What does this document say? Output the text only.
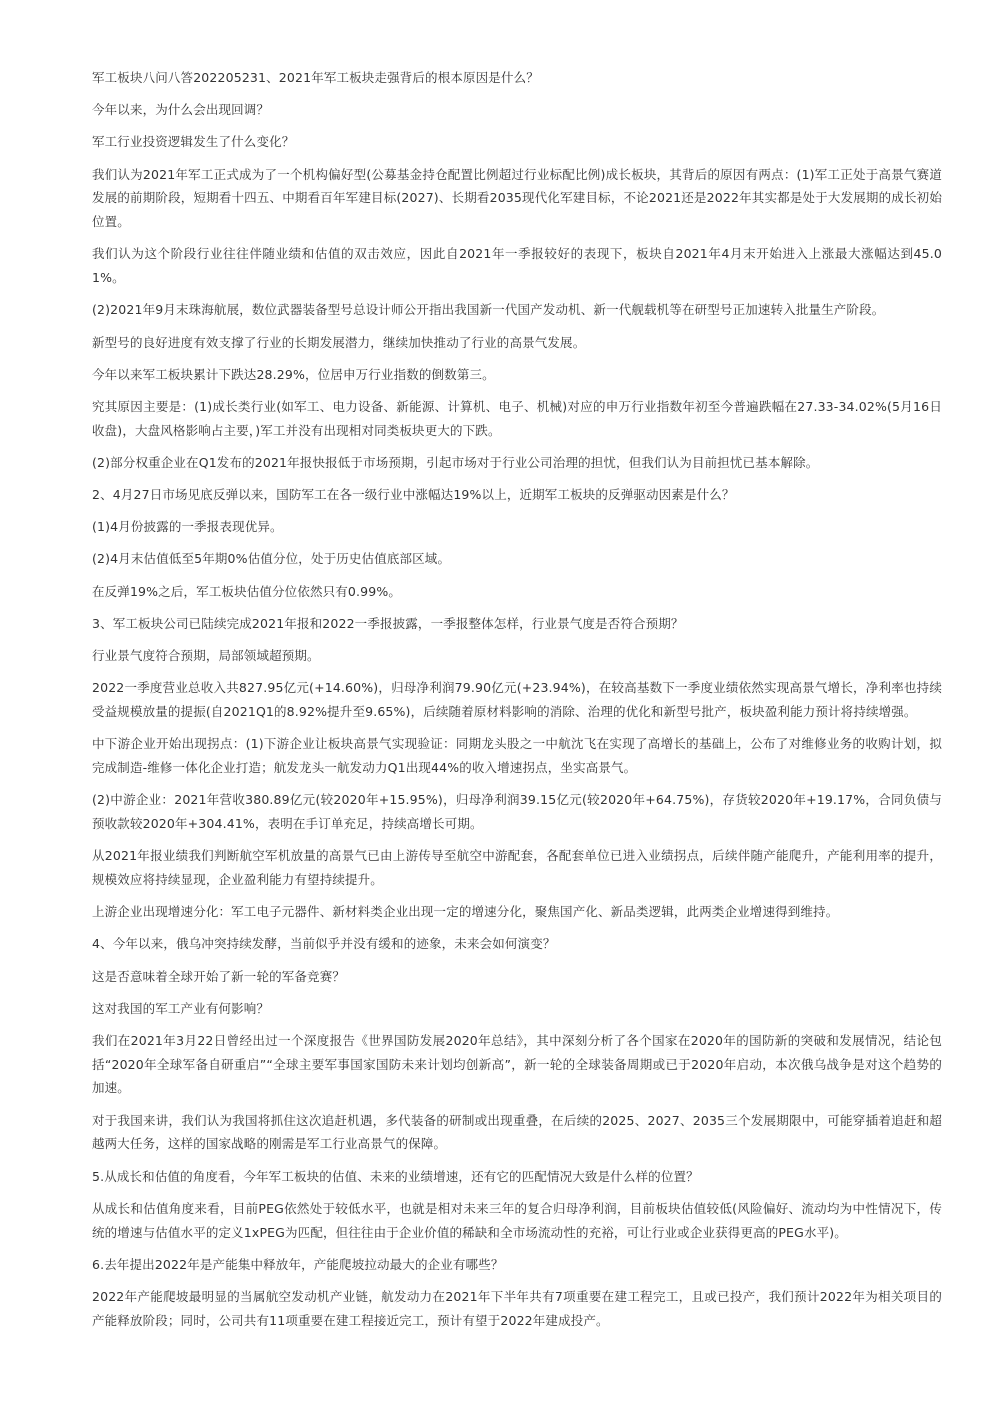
军工板块八问八答202205231、2021年军工板块走强背后的根本原因是什么？

今年以来，为什么会出现回调？

军工行业投资逻辑发生了什么变化？

我们认为2021年军工正式成为了一个机构偏好型(公募基金持仓配置比例超过行业标配比例)成长板块，其背后的原因有两点：(1)军工正处于高景气赛道发展的前期阶段，短期看十四五、中期看百年军建目标(2027)、长期看2035现代化军建目标，不论2021还是2022年其实都是处于大发展期的成长初始位置。

我们认为这个阶段行业往往伴随业绩和估值的双击效应，因此自2021年一季报较好的表现下，板块自2021年4月末开始进入上涨最大涨幅达到45.01%。

(2)2021年9月末珠海航展，数位武器装备型号总设计师公开指出我国新一代国产发动机、新一代舰载机等在研型号正加速转入批量生产阶段。

新型号的良好进度有效支撑了行业的长期发展潜力，继续加快推动了行业的高景气发展。

今年以来军工板块累计下跌达28.29%，位居申万行业指数的倒数第三。

究其原因主要是：(1)成长类行业(如军工、电力设备、新能源、计算机、电子、机械)对应的申万行业指数年初至今普遍跌幅在27.33-34.02%(5月16日收盘)，大盘风格影响占主要，)军工并没有出现相对同类板块更大的下跌。

(2)部分权重企业在Q1发布的2021年报快报低于市场预期，引起市场对于行业公司治理的担忧，但我们认为目前担忧已基本解除。

2、4月27日市场见底反弹以来，国防军工在各一级行业中涨幅达19%以上，近期军工板块的反弹驱动因素是什么？

(1)4月份披露的一季报表现优异。

(2)4月末估值低至5年期0%估值分位，处于历史估值底部区域。

在反弹19%之后，军工板块估值分位依然只有0.99%。

3、军工板块公司已陆续完成2021年报和2022一季报披露，一季报整体怎样，行业景气度是否符合预期？

行业景气度符合预期，局部领域超预期。

2022一季度营业总收入共827.95亿元(+14.60%)，归母净利润79.90亿元(+23.94%)，在较高基数下一季度业绩依然实现高景气增长，净利率也持续受益规模放量的提振(自2021Q1的8.92%提升至9.65%)，后续随着原材料影响的消除、治理的优化和新型号批产，板块盈利能力预计将持续增强。

中下游企业开始出现拐点：(1)下游企业让板块高景气实现验证：同期龙头股之一中航沈飞在实现了高增长的基础上，公布了对维修业务的收购计划，拟完成制造-维修一体化企业打造；航发龙头一航发动力Q1出现44%的收入增速拐点，坐实高景气。

(2)中游企业：2021年营收380.89亿元(较2020年+15.95%)，归母净利润39.15亿元(较2020年+64.75%)，存货较2020年+19.17%，合同负债与预收款较2020年+304.41%，表明在手订单充足，持续高增长可期。

从2021年报业绩我们判断航空军机放量的高景气已由上游传导至航空中游配套，各配套单位已进入业绩拐点，后续伴随产能爬升，产能利用率的提升，规模效应将持续显现，企业盈利能力有望持续提升。

上游企业出现增速分化：军工电子元器件、新材料类企业出现一定的增速分化，聚焦国产化、新品类逻辑，此两类企业增速得到维持。

4、今年以来，俄乌冲突持续发酵，当前似乎并没有缓和的迹象，未来会如何演变？

这是否意味着全球开始了新一轮的军备竞赛？

这对我国的军工产业有何影响？

我们在2021年3月22日曾经出过一个深度报告《世界国防发展2020年总结》，其中深刻分析了各个国家在2020年的国防新的突破和发展情况，结论包括“2020年全球军备自研重启”“全球主要军事国家国防未来计划均创新高”，新一轮的全球装备周期或已于2020年启动，本次俄乌战争是对这个趋势的加速。

对于我国来讲，我们认为我国将抓住这次追赶机遇，多代装备的研制或出现重叠，在后续的2025、2027、2035三个发展期限中，可能穿插着追赶和超越两大任务，这样的国家战略的刚需是军工行业高景气的保障。

5.从成长和估值的角度看，今年军工板块的估值、未来的业绩增速，还有它的匹配情况大致是什么样的位置？

从成长和估值角度来看，目前PEG依然处于较低水平，也就是相对未来三年的复合归母净利润，目前板块估值较低(风险偏好、流动均为中性情况下，传统的增速与估值水平的定义1xPEG为匹配，但往往由于企业价值的稀缺和全市场流动性的充裕，可让行业或企业获得更高的PEG水平)。

6.去年提出2022年是产能集中释放年，产能爬坡拉动最大的企业有哪些？

2022年产能爬坡最明显的当属航空发动机产业链，航发动力在2021年下半年共有7项重要在建工程完工，且或已投产，我们预计2022年为相关项目的产能释放阶段；同时，公司共有11项重要在建工程接近完工，预计有望于2022年建成投产。
